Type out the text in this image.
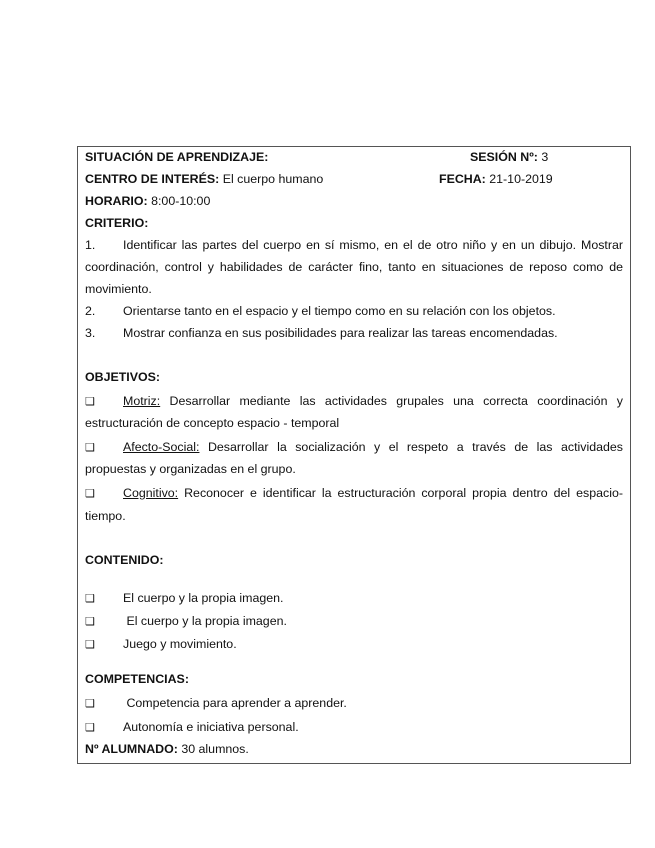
SITUACIÓN DE APRENDIZAJE:	SESIÓN Nº: 3
CENTRO DE INTERÉS: El cuerpo humano	FECHA: 21-10-2019
HORARIO: 8:00-10:00
CRITERIO:
1. Identificar las partes del cuerpo en sí mismo, en el de otro niño y en un dibujo. Mostrar
coordinación, control y habilidades de carácter fino, tanto en situaciones de reposo como de
movimiento.
2. Orientarse tanto en el espacio y el tiempo como en su relación con los objetos.
3. Mostrar confianza en sus posibilidades para realizar las tareas encomendadas.
OBJETIVOS:
❑ Motriz: Desarrollar mediante las actividades grupales una correcta coordinación y
estructuración de concepto espacio - temporal
❑ Afecto-Social: Desarrollar la socialización y el respeto a través de las actividades
propuestas y organizadas en el grupo.
❑ Cognitivo: Reconocer e identificar la estructuración corporal propia dentro del espacio-
tiempo.
CONTENIDO:
❑ El cuerpo y la propia imagen.
❑ El cuerpo y la propia imagen.
❑ Juego y movimiento.
COMPETENCIAS:
❑ Competencia para aprender a aprender.
❑ Autonomía e iniciativa personal.
Nº ALUMNADO: 30 alumnos.
